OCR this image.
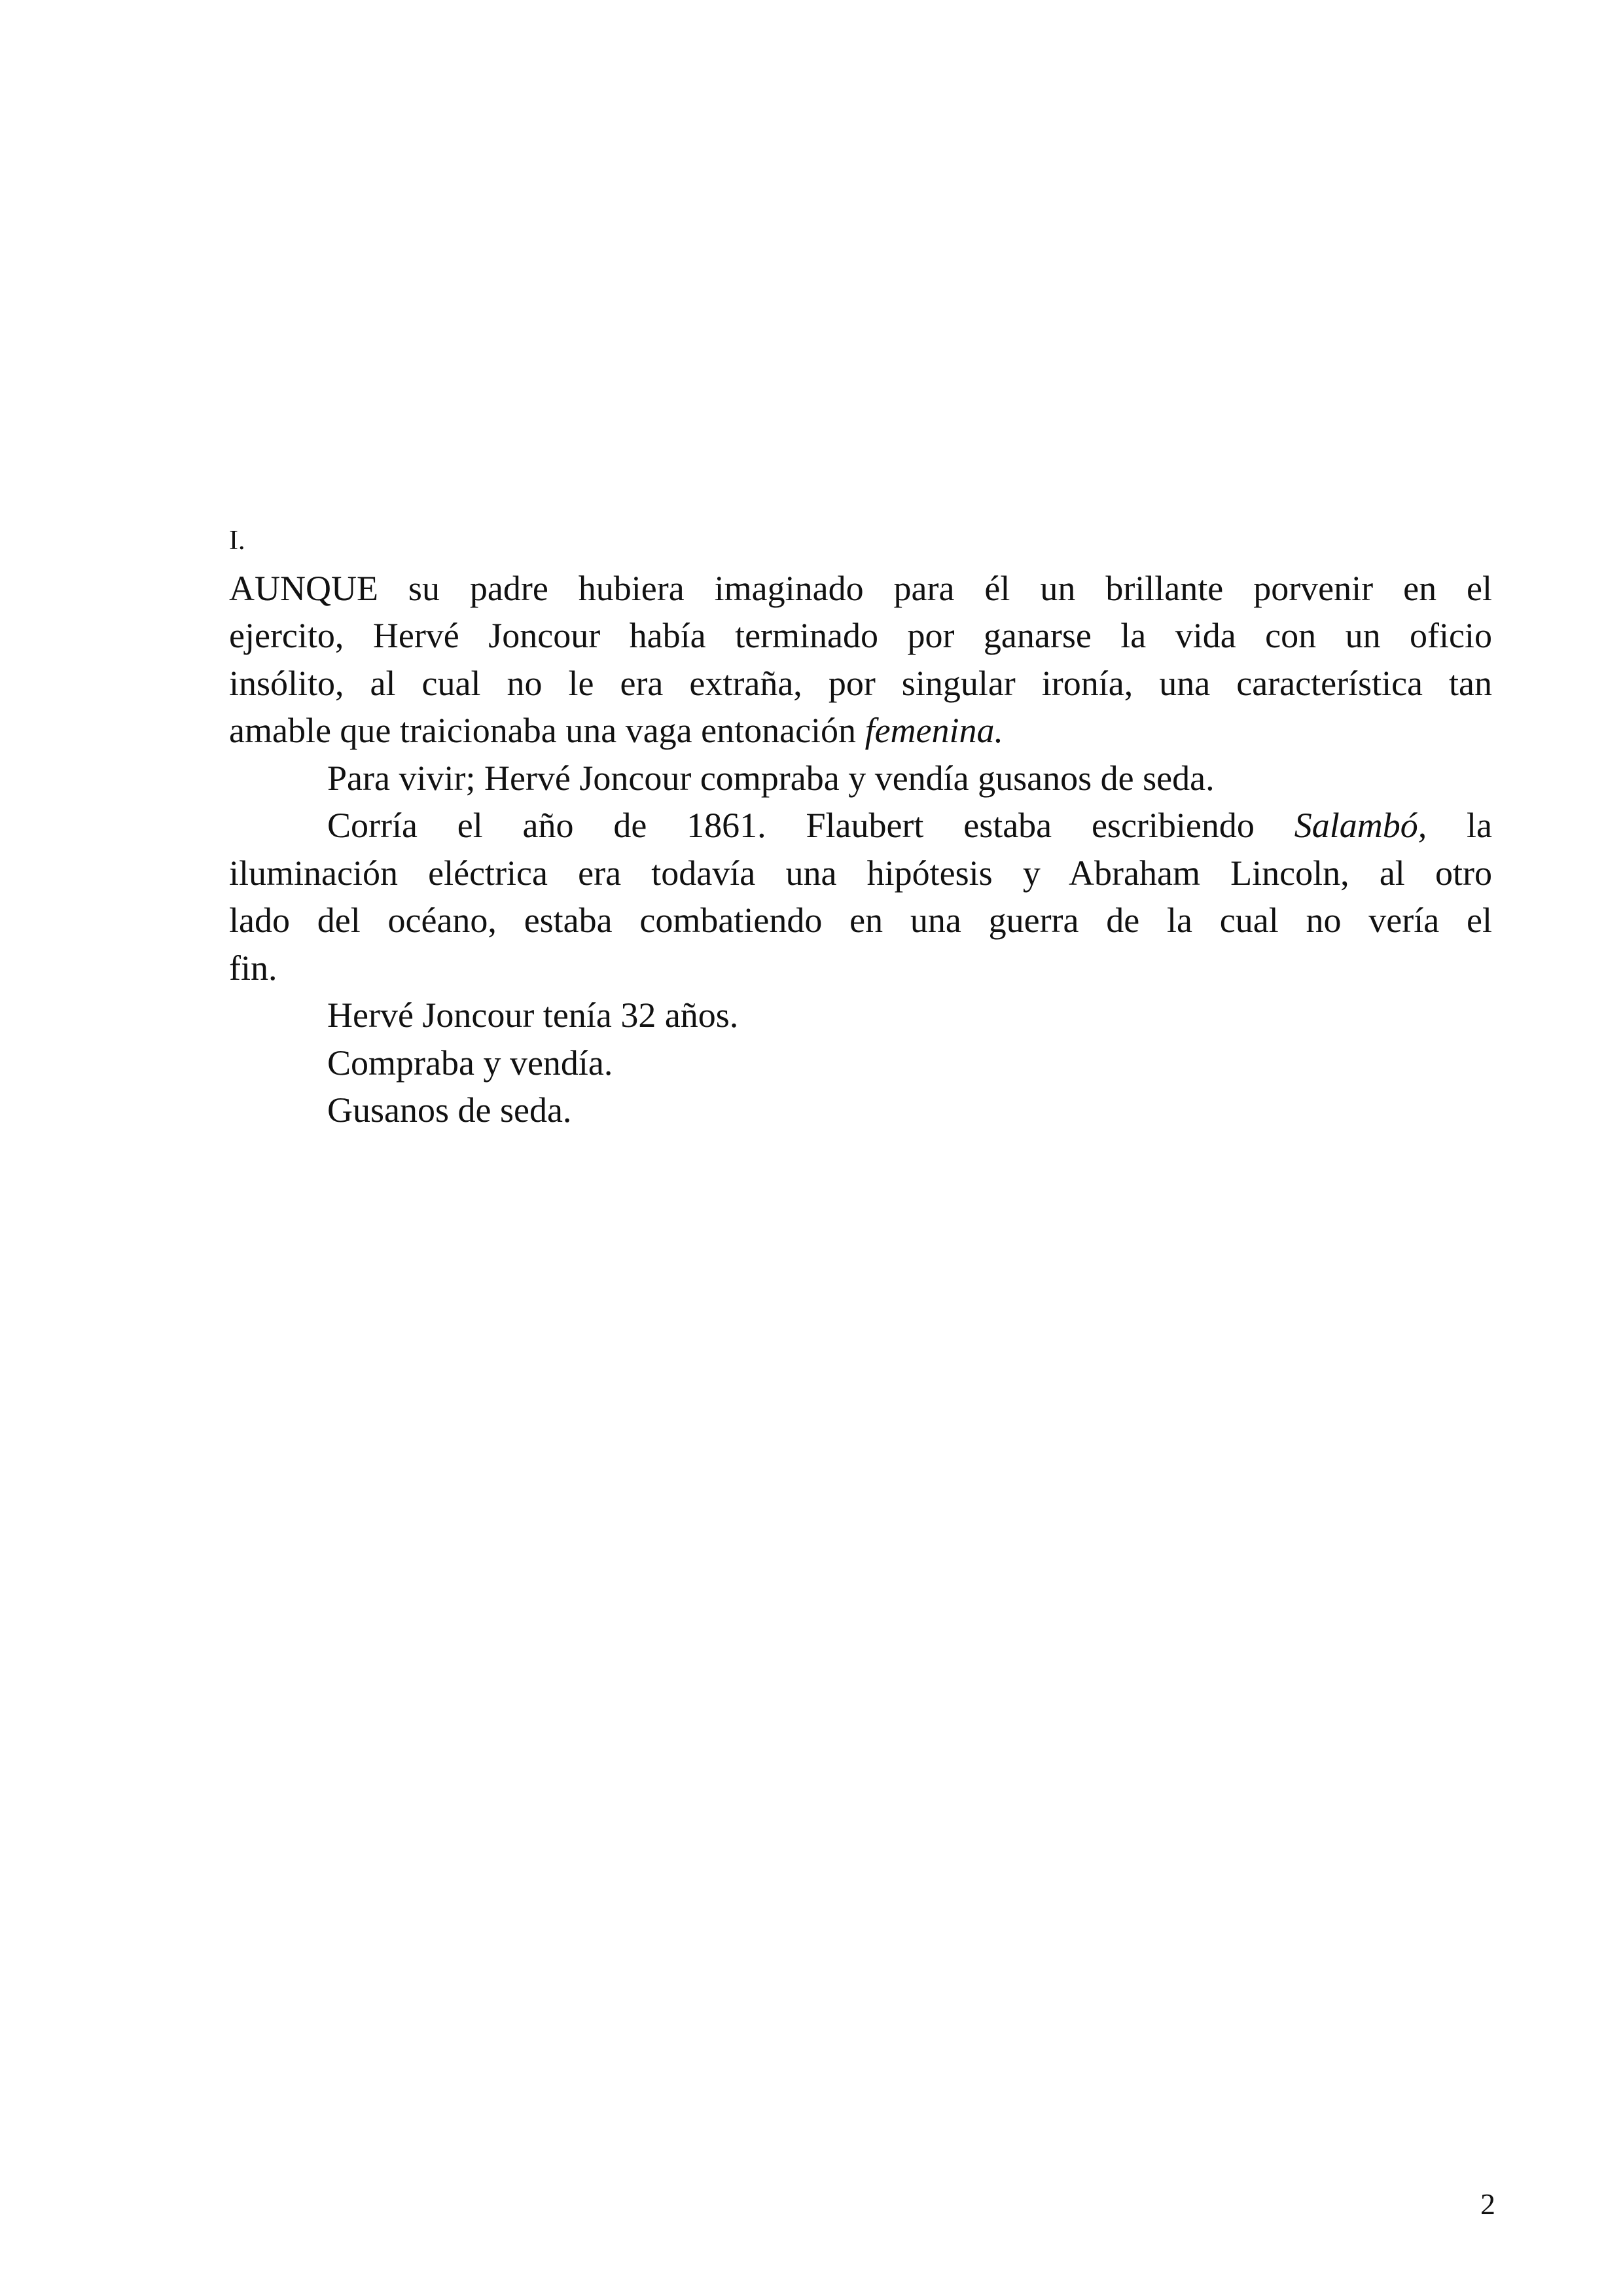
I.
AUNQUE su padre hubiera imaginado para él un brillante porvenir en el
ejercito, Hervé Joncour había terminado por ganarse la vida con un oficio
insólito, al cual no le era extraña, por singular ironía, una característica tan
amable que traicionaba una vaga entonación femenina.
Para vivir; Hervé Joncour compraba y vendía gusanos de seda.
Corría el año de 1861. Flaubert estaba escribiendo Salambó, la
iluminación eléctrica era todavía una hipótesis y Abraham Lincoln, al otro
lado del océano, estaba combatiendo en una guerra de la cual no vería el
fin.
Hervé Joncour tenía 32 años.
Compraba y vendía.
Gusanos de seda.
2
